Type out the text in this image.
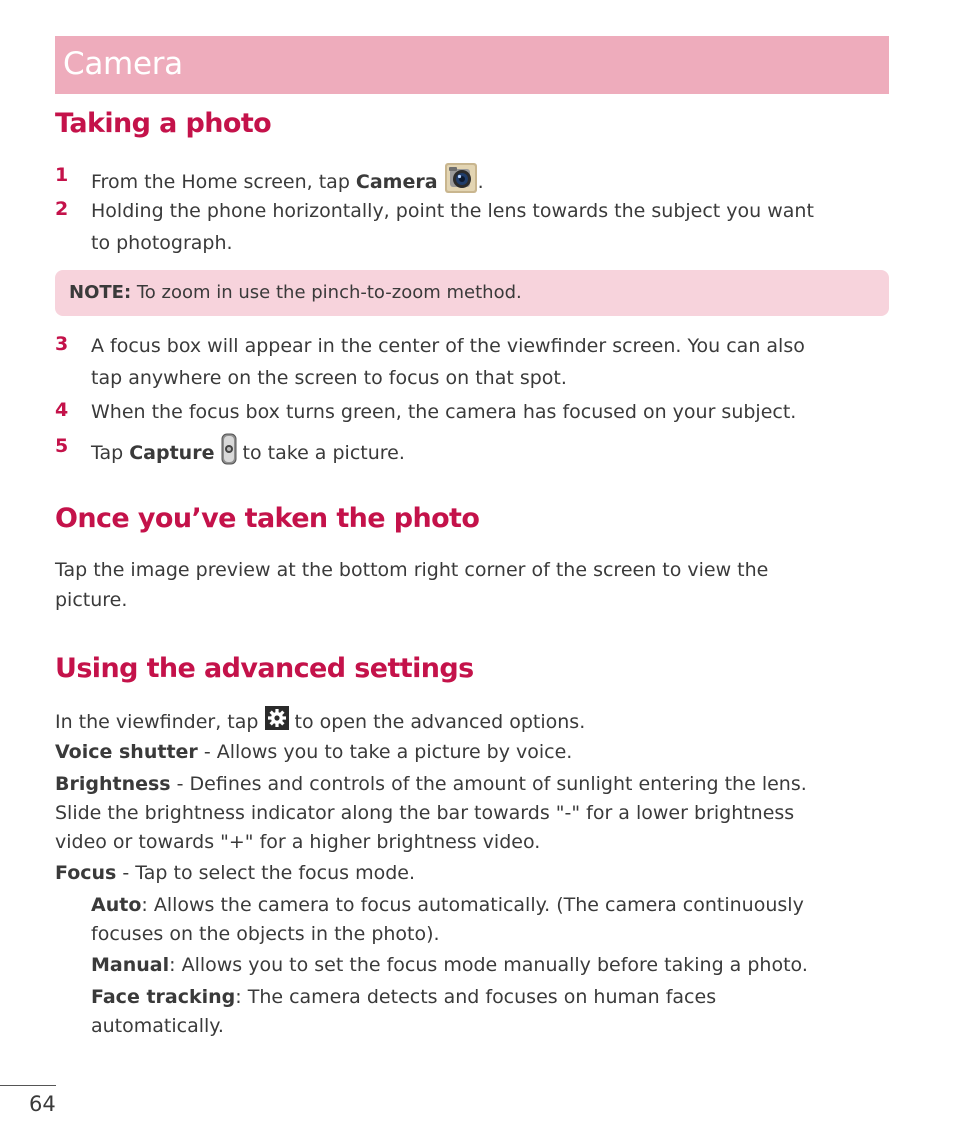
Camera
Taking a photo
1 From the Home screen, tap Camera .

2 Holding the phone horizontally, point the lens towards the subject you want

to photograph.

NOTE: To zoom in use the pinch-to-zoom method.

3 A focus box will appear in the center of the viewfinder screen. You can also

tap anywhere on the screen to focus on that spot.

4 When the focus box turns green, the camera has focused on your subject.

5 Tap Capture  to take a picture.

Once you’ve taken the photo

Tap the image preview at the bottom right corner of the screen to view the

picture.

Using the advanced settings

In the viewfinder, tap  to open the advanced options.

Voice shutter - Allows you to take a picture by voice.

Brightness - Defines and controls of the amount of sunlight entering the lens.

Slide the brightness indicator along the bar towards "-" for a lower brightness

video or towards "+" for a higher brightness video.

Focus - Tap to select the focus mode.

Auto: Allows the camera to focus automatically. (The camera continuously

focuses on the objects in the photo).

Manual: Allows you to set the focus mode manually before taking a photo.

Face tracking: The camera detects and focuses on human faces

automatically.

64
